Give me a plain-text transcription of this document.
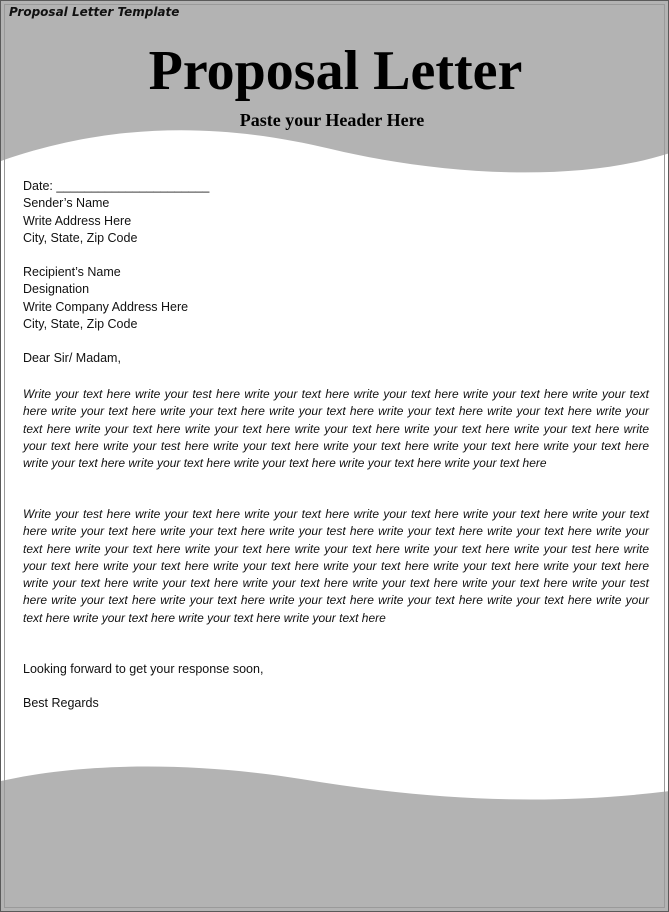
Proposal Letter Template
Proposal Letter
Paste your Header Here
Date: ______________________
Sender’s Name
Write Address Here
City, State, Zip Code
Recipient’s Name
Designation
Write Company Address Here
City, State, Zip Code
Dear Sir/ Madam,
Write your text here write your test here write your text here write your text here write your text here write your text here write your text here write your text here write your text here write your text here write your text here write your text here write your text here write your text here write your text here write your text here write your text here write your text here write your test here write your text here write your text here write your text here write your text here write your text here write your text here write your text here write your text here write your text here
Write your test here write your text here write your text here write your text here write your text here write your text here write your text here write your text here write your test here write your text here write your text here write your text here write your text here write your text here write your text here write your text here write your test here write your text here write your text here write your text here write your text here write your text here write your text here write your text here write your text here write your text here write your text here write your text here write your test here write your text here write your text here write your text here write your text here write your text here write your text here write your text here write your text here write your text here
Looking forward to get your response soon,
Best Regards
